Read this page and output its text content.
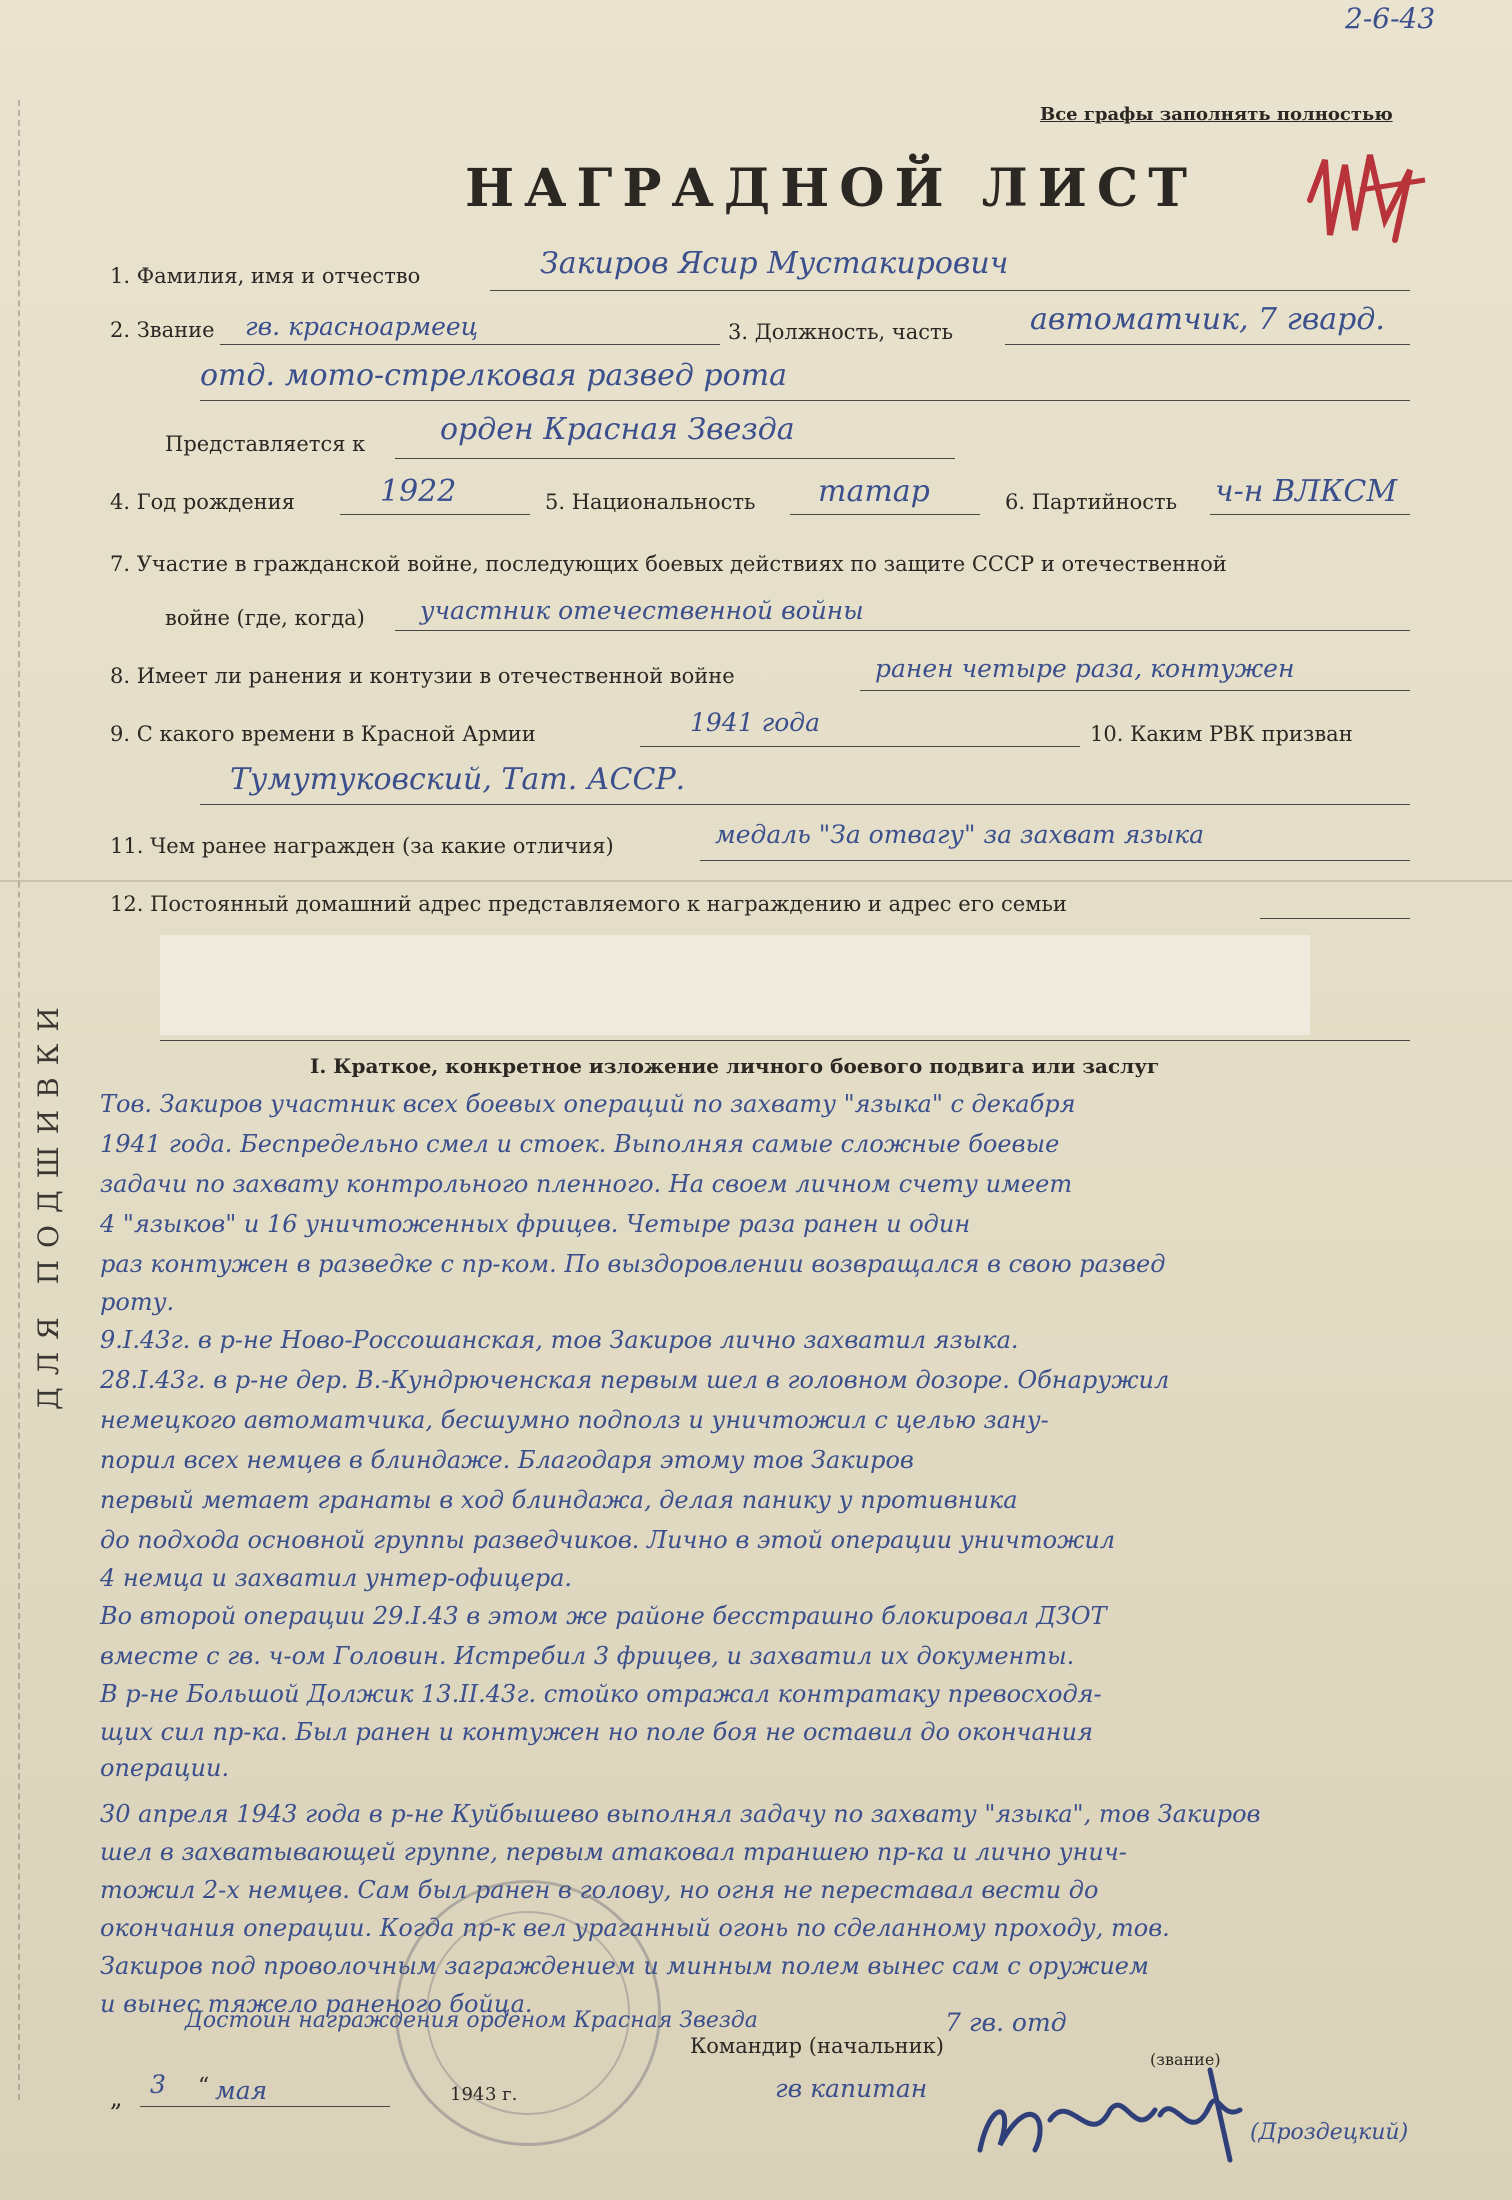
2-6-43
Все графы заполнять полностью
НАГРАДНОЙ ЛИСТ
1. Фамилия, имя и отчество	Закиров Ясир Мустакирович
2. Звание гв. красноармеец	3. Должность, часть	автоматчик, 7 гвард.
отд. мото-стрелковая развед рота
Представляется к орден Красная Звезда
4. Год рождения	1922	5. Национальность татар	6. Партийность ч-н ВЛКСМ
7. Участие в гражданской войне, последующих боевых действиях по защите СССР и отечественной
войне (где, когда) участник отечественной войны
8. Имеет ли ранения и контузии в отечественной войне	ранен четыре раза, контужен
9. С какого времени в Красной Армии	1941 года	10. Каким РВК призван
Тумутуковский, Тат. АССР.
11. Чем ранее награжден (за какие отличия)	медаль "За отвагу" за захват языка
12. Постоянный домашний адрес представляемого к награждению и адрес его семьи
I. Краткое, конкретное изложение личного боевого подвига или заслуг
Тов. Закиров участник всех боевых операций по захвату "языка" с декабря
1941 года. Беспредельно смел и стоек. Выполняя самые сложные боевые
задачи по захвату контрольного пленного. На своем личном счету имеет
4 "языков" и 16 уничтоженных фрицев. Четыре раза ранен и один
раз контужен в разведке с пр-ком. По выздоровлении возвращался в свою развед
роту.
9.I.43г. в р-не Ново-Россошанская, тов Закиров лично захватил языка.
28.I.43г. в р-не дер. В.-Кундрюченская первым шел в головном дозоре. Обнаружил
немецкого автоматчика, бесшумно подполз и уничтожил с целью зану-
порил всех немцев в блиндаже. Благодаря этому тов Закиров
первый метает гранаты в ход блиндажа, делая панику у противника
до подхода основной группы разведчиков. Лично в этой операции уничтожил
4 немца и захватил унтер-офицера.
Во второй операции 29.I.43 в этом же районе бесстрашно блокировал ДЗОТ
вместе с гв. ч-ом Головин. Истребил 3 фрицев, и захватил их документы.
В р-не Большой Должик 13.II.43г. стойко отражал контратаку превосходя-
щих сил пр-ка. Был ранен и контужен но поле боя не оставил до окончания
операции.
30 апреля 1943 года в р-не Куйбышево выполнял задачу по захвату "языка", тов Закиров
шел в захватывающей группе, первым атаковал траншею пр-ка и лично унич-
тожил 2-х немцев. Сам был ранен в голову, но огня не переставал вести до
окончания операции. Когда пр-к вел ураганный огонь по сделанному проходу, тов.
Закиров под проволочным заграждением и минным полем вынес сам с оружием
и вынес тяжело раненого бойца.
Достоин награждения орденом Красная Звезда
Командир (начальник)
7 гв. отд
„ 3 “ мая	194 3 г.	гв капитан
(звание)
(Дроздецкий)
ДЛЯ ПОДШИВКИ
